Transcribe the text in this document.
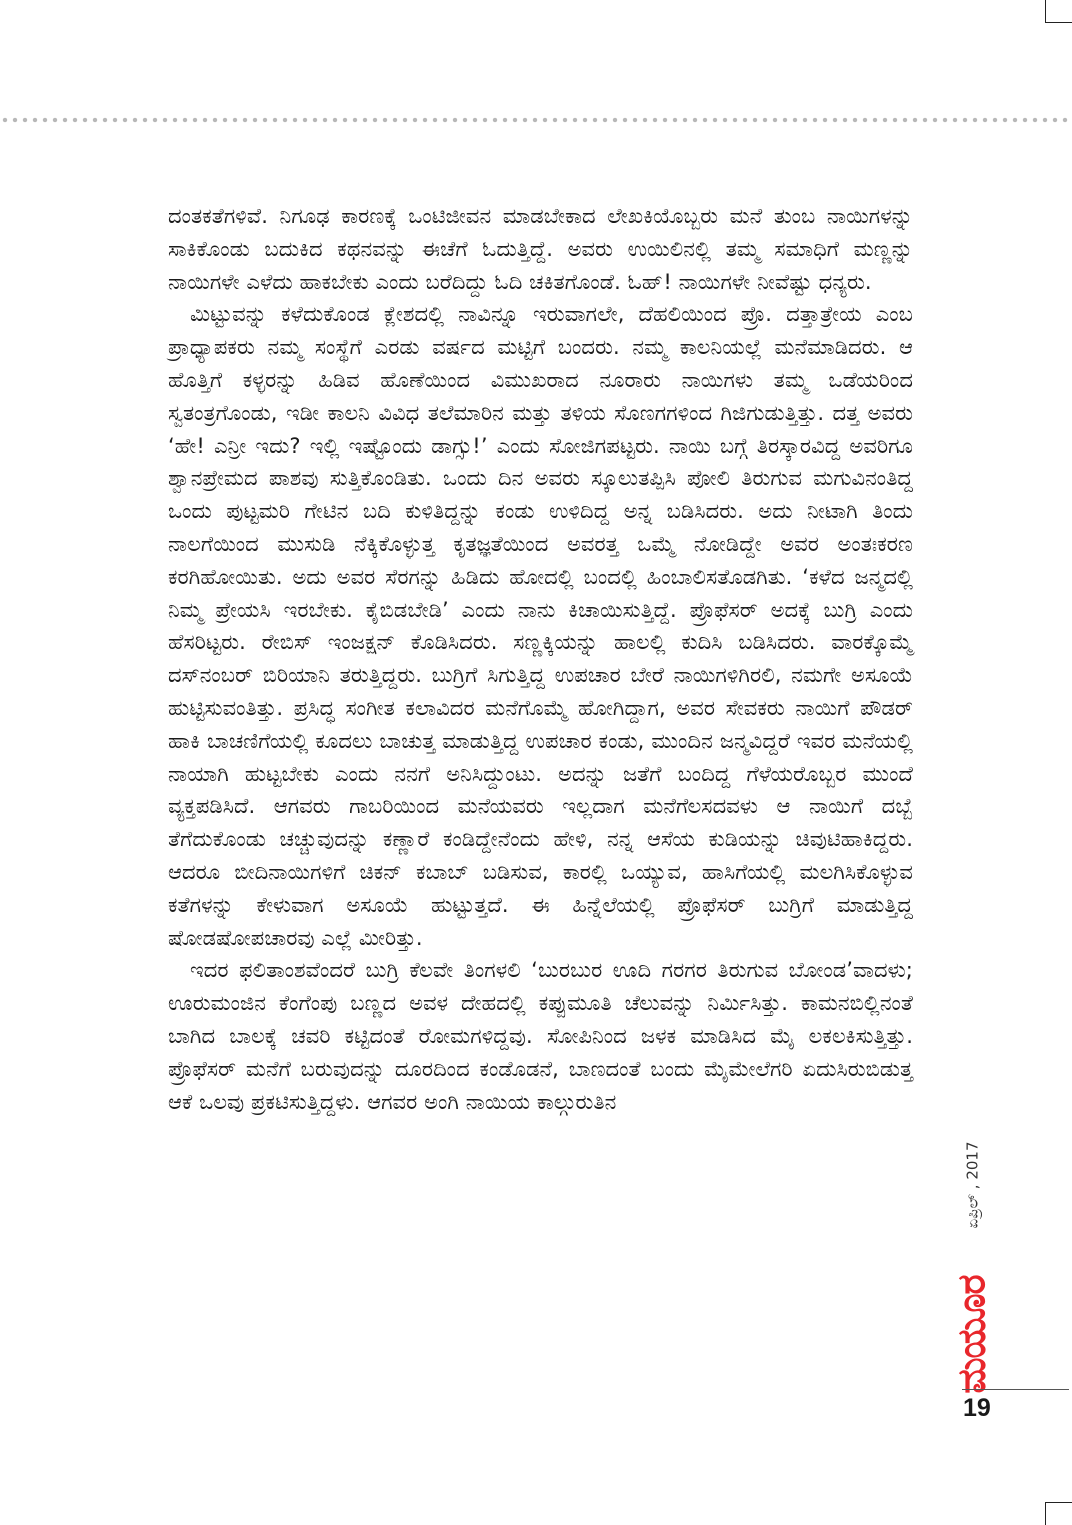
ದಂತಕತೆಗಳಿವೆ. ನಿಗೂಢ ಕಾರಣಕ್ಕೆ ಒಂಟಿಜೀವನ ಮಾಡಬೇಕಾದ ಲೇಖಕಿಯೊಬ್ಬರು ಮನೆ ತುಂಬ ನಾಯಿಗಳನ್ನು ಸಾಕಿಕೊಂಡು ಬದುಕಿದ ಕಥನವನ್ನು ಈಚೆಗೆ ಓದುತ್ತಿದ್ದೆ. ಅವರು ಉಯಿಲಿನಲ್ಲಿ ತಮ್ಮ ಸಮಾಧಿಗೆ ಮಣ್ಣನ್ನು ನಾಯಿಗಳೇ ಎಳೆದು ಹಾಕಬೇಕು ಎಂದು ಬರೆದಿದ್ದು ಓದಿ ಚಕಿತಗೊಂಡೆ. ಓಹ್! ನಾಯಿಗಳೇ ನೀವೆಷ್ಟು ಧನ್ಯರು.

ಮಿಟ್ಟುವನ್ನು ಕಳೆದುಕೊಂಡ ಕ್ಲೇಶದಲ್ಲಿ ನಾವಿನ್ನೂ ಇರುವಾಗಲೇ, ದೆಹಲಿಯಿಂದ ಪ್ರೊ. ದತ್ತಾತ್ರೇಯ ಎಂಬ ಪ್ರಾಧ್ಯಾಪಕರು ನಮ್ಮ ಸಂಸ್ಥೆಗೆ ಎರಡು ವರ್ಷದ ಮಟ್ಟಿಗೆ ಬಂದರು. ನಮ್ಮ ಕಾಲನಿಯಲ್ಲೆ ಮನೆಮಾಡಿದರು. ಆ ಹೊತ್ತಿಗೆ ಕಳ್ಳರನ್ನು ಹಿಡಿವ ಹೊಣೆಯಿಂದ ವಿಮುಖರಾದ ನೂರಾರು ನಾಯಿಗಳು ತಮ್ಮ ಒಡೆಯರಿಂದ ಸ್ವತಂತ್ರಗೊಂಡು, ಇಡೀ ಕಾಲನಿ ವಿವಿಧ ತಲೆಮಾರಿನ ಮತ್ತು ತಳಿಯ ಸೊಣಗಗಳಿಂದ ಗಿಜಿಗುಡುತ್ತಿತ್ತು. ದತ್ತ ಅವರು ‘ಹೇ! ಎನ್ರೀ ಇದು? ಇಲ್ಲಿ ಇಷ್ಟೊಂದು ಡಾಗ್ಸು!’ ಎಂದು ಸೋಜಿಗಪಟ್ಟರು. ನಾಯಿ ಬಗ್ಗೆ ತಿರಸ್ಕಾರವಿದ್ದ ಅವರಿಗೂ ಶ್ವಾನಪ್ರೇಮದ ಪಾಶವು ಸುತ್ತಿಕೊಂಡಿತು. ಒಂದು ದಿನ ಅವರು ಸ್ಕೂಲುತಪ್ಪಿಸಿ ಪೋಲಿ ತಿರುಗುವ ಮಗುವಿನಂತಿದ್ದ ಒಂದು ಪುಟ್ಟಮರಿ ಗೇಟಿನ ಬದಿ ಕುಳಿತಿದ್ದನ್ನು ಕಂಡು ಉಳಿದಿದ್ದ ಅನ್ನ ಬಡಿಸಿದರು. ಅದು ನೀಟಾಗಿ ತಿಂದು ನಾಲಗೆಯಿಂದ ಮುಸುಡಿ ನೆಕ್ಕಿಕೊಳ್ಳುತ್ತ ಕೃತಜ್ಞತೆಯಿಂದ ಅವರತ್ತ ಒಮ್ಮೆ ನೋಡಿದ್ದೇ ಅವರ ಅಂತಃಕರಣ ಕರಗಿಹೋಯಿತು. ಅದು ಅವರ ಸೆರಗನ್ನು ಹಿಡಿದು ಹೋದಲ್ಲಿ ಬಂದಲ್ಲಿ ಹಿಂಬಾಲಿಸತೊಡಗಿತು. ‘ಕಳೆದ ಜನ್ಮದಲ್ಲಿ ನಿಮ್ಮ ಪ್ರೇಯಸಿ ಇರಬೇಕು. ಕೈಬಿಡಬೇಡಿ’ ಎಂದು ನಾನು ಕಿಚಾಯಿಸುತ್ತಿದ್ದೆ. ಪ್ರೊಫೆಸರ್ ಅದಕ್ಕೆ ಬುಗ್ರಿ ಎಂದು ಹೆಸರಿಟ್ಟರು. ರೇಬಿಸ್ ಇಂಜಕ್ಷನ್ ಕೊಡಿಸಿದರು. ಸಣ್ಣಕ್ಕಿಯನ್ನು ಹಾಲಲ್ಲಿ ಕುದಿಸಿ ಬಡಿಸಿದರು. ವಾರಕ್ಕೊಮ್ಮೆ ದಸ್‌ನಂಬರ್ ಬಿರಿಯಾನಿ ತರುತ್ತಿದ್ದರು. ಬುಗ್ರಿಗೆ ಸಿಗುತ್ತಿದ್ದ ಉಪಚಾರ ಬೇರೆ ನಾಯಿಗಳಿಗಿರಲಿ, ನಮಗೇ ಅಸೂಯೆ ಹುಟ್ಟಿಸುವಂತಿತ್ತು. ಪ್ರಸಿದ್ಧ ಸಂಗೀತ ಕಲಾವಿದರ ಮನೆಗೊಮ್ಮೆ ಹೋಗಿದ್ದಾಗ, ಅವರ ಸೇವಕರು ನಾಯಿಗೆ ಪೌಡರ್ ಹಾಕಿ ಬಾಚಣಿಗೆಯಲ್ಲಿ ಕೂದಲು ಬಾಚುತ್ತ ಮಾಡುತ್ತಿದ್ದ ಉಪಚಾರ ಕಂಡು, ಮುಂದಿನ ಜನ್ಮವಿದ್ದರೆ ಇವರ ಮನೆಯಲ್ಲಿ ನಾಯಾಗಿ ಹುಟ್ಟಬೇಕು ಎಂದು ನನಗೆ ಅನಿಸಿದ್ದುಂಟು. ಅದನ್ನು ಜತೆಗೆ ಬಂದಿದ್ದ ಗೆಳೆಯರೊಬ್ಬರ ಮುಂದೆ ವ್ಯಕ್ತಪಡಿಸಿದೆ. ಆಗವರು ಗಾಬರಿಯಿಂದ ಮನೆಯವರು ಇಲ್ಲದಾಗ ಮನೆಗೆಲಸದವಳು ಆ ನಾಯಿಗೆ ದಬ್ಬೆ ತೆಗೆದುಕೊಂಡು ಚಚ್ಚುವುದನ್ನು ಕಣ್ಣಾರೆ ಕಂಡಿದ್ದೇನೆಂದು ಹೇಳಿ, ನನ್ನ ಆಸೆಯ ಕುಡಿಯನ್ನು ಚಿವುಟಿಹಾಕಿದ್ದರು. ಆದರೂ ಬೀದಿನಾಯಿಗಳಿಗೆ ಚಿಕನ್ ಕಬಾಬ್ ಬಡಿಸುವ, ಕಾರಲ್ಲಿ ಒಯ್ಯುವ, ಹಾಸಿಗೆಯಲ್ಲಿ ಮಲಗಿಸಿಕೊಳ್ಳುವ ಕತೆಗಳನ್ನು ಕೇಳುವಾಗ ಅಸೂಯೆ ಹುಟ್ಟುತ್ತದೆ. ಈ ಹಿನ್ನೆಲೆಯಲ್ಲಿ ಪ್ರೊಫೆಸರ್ ಬುಗ್ರಿಗೆ ಮಾಡುತ್ತಿದ್ದ ಷೋಡಷೋಪಚಾರವು ಎಲ್ಲೆ ಮೀರಿತ್ತು.

ಇದರ ಫಲಿತಾಂಶವೆಂದರೆ ಬುಗ್ರಿ ಕೆಲವೇ ತಿಂಗಳಲಿ ‘ಬುರಬುರ ಊದಿ ಗರಗರ ತಿರುಗುವ ಬೋಂಡ’ವಾದಳು; ಊರುಮಂಜಿನ ಕೆಂಗೆಂಪು ಬಣ್ಣದ ಅವಳ ದೇಹದಲ್ಲಿ ಕಪ್ಪುಮೂತಿ ಚೆಲುವನ್ನು ನಿರ್ಮಿಸಿತ್ತು. ಕಾಮನಬಿಲ್ಲಿನಂತೆ ಬಾಗಿದ ಬಾಲಕ್ಕೆ ಚವರಿ ಕಟ್ಟಿದಂತೆ ರೋಮಗಳಿದ್ದವು. ಸೋಪಿನಿಂದ ಜಳಕ ಮಾಡಿಸಿದ ಮೈ ಲಕಲಕಿಸುತ್ತಿತ್ತು. ಪ್ರೊಫೆಸರ್ ಮನೆಗೆ ಬರುವುದನ್ನು ದೂರದಿಂದ ಕಂಡೊಡನೆ, ಬಾಣದಂತೆ ಬಂದು ಮೈಮೇಲೆಗರಿ ಏದುಸಿರುಬಿಡುತ್ತ ಆಕೆ ಒಲವು ಪ್ರಕಟಿಸುತ್ತಿದ್ದಳು. ಆಗವರ ಅಂಗಿ ನಾಯಿಯ ಕಾಲ್ಗುರುತಿನ

ಏಪ್ರಿಲ್ , 2017
ಮಯೂರ
19
